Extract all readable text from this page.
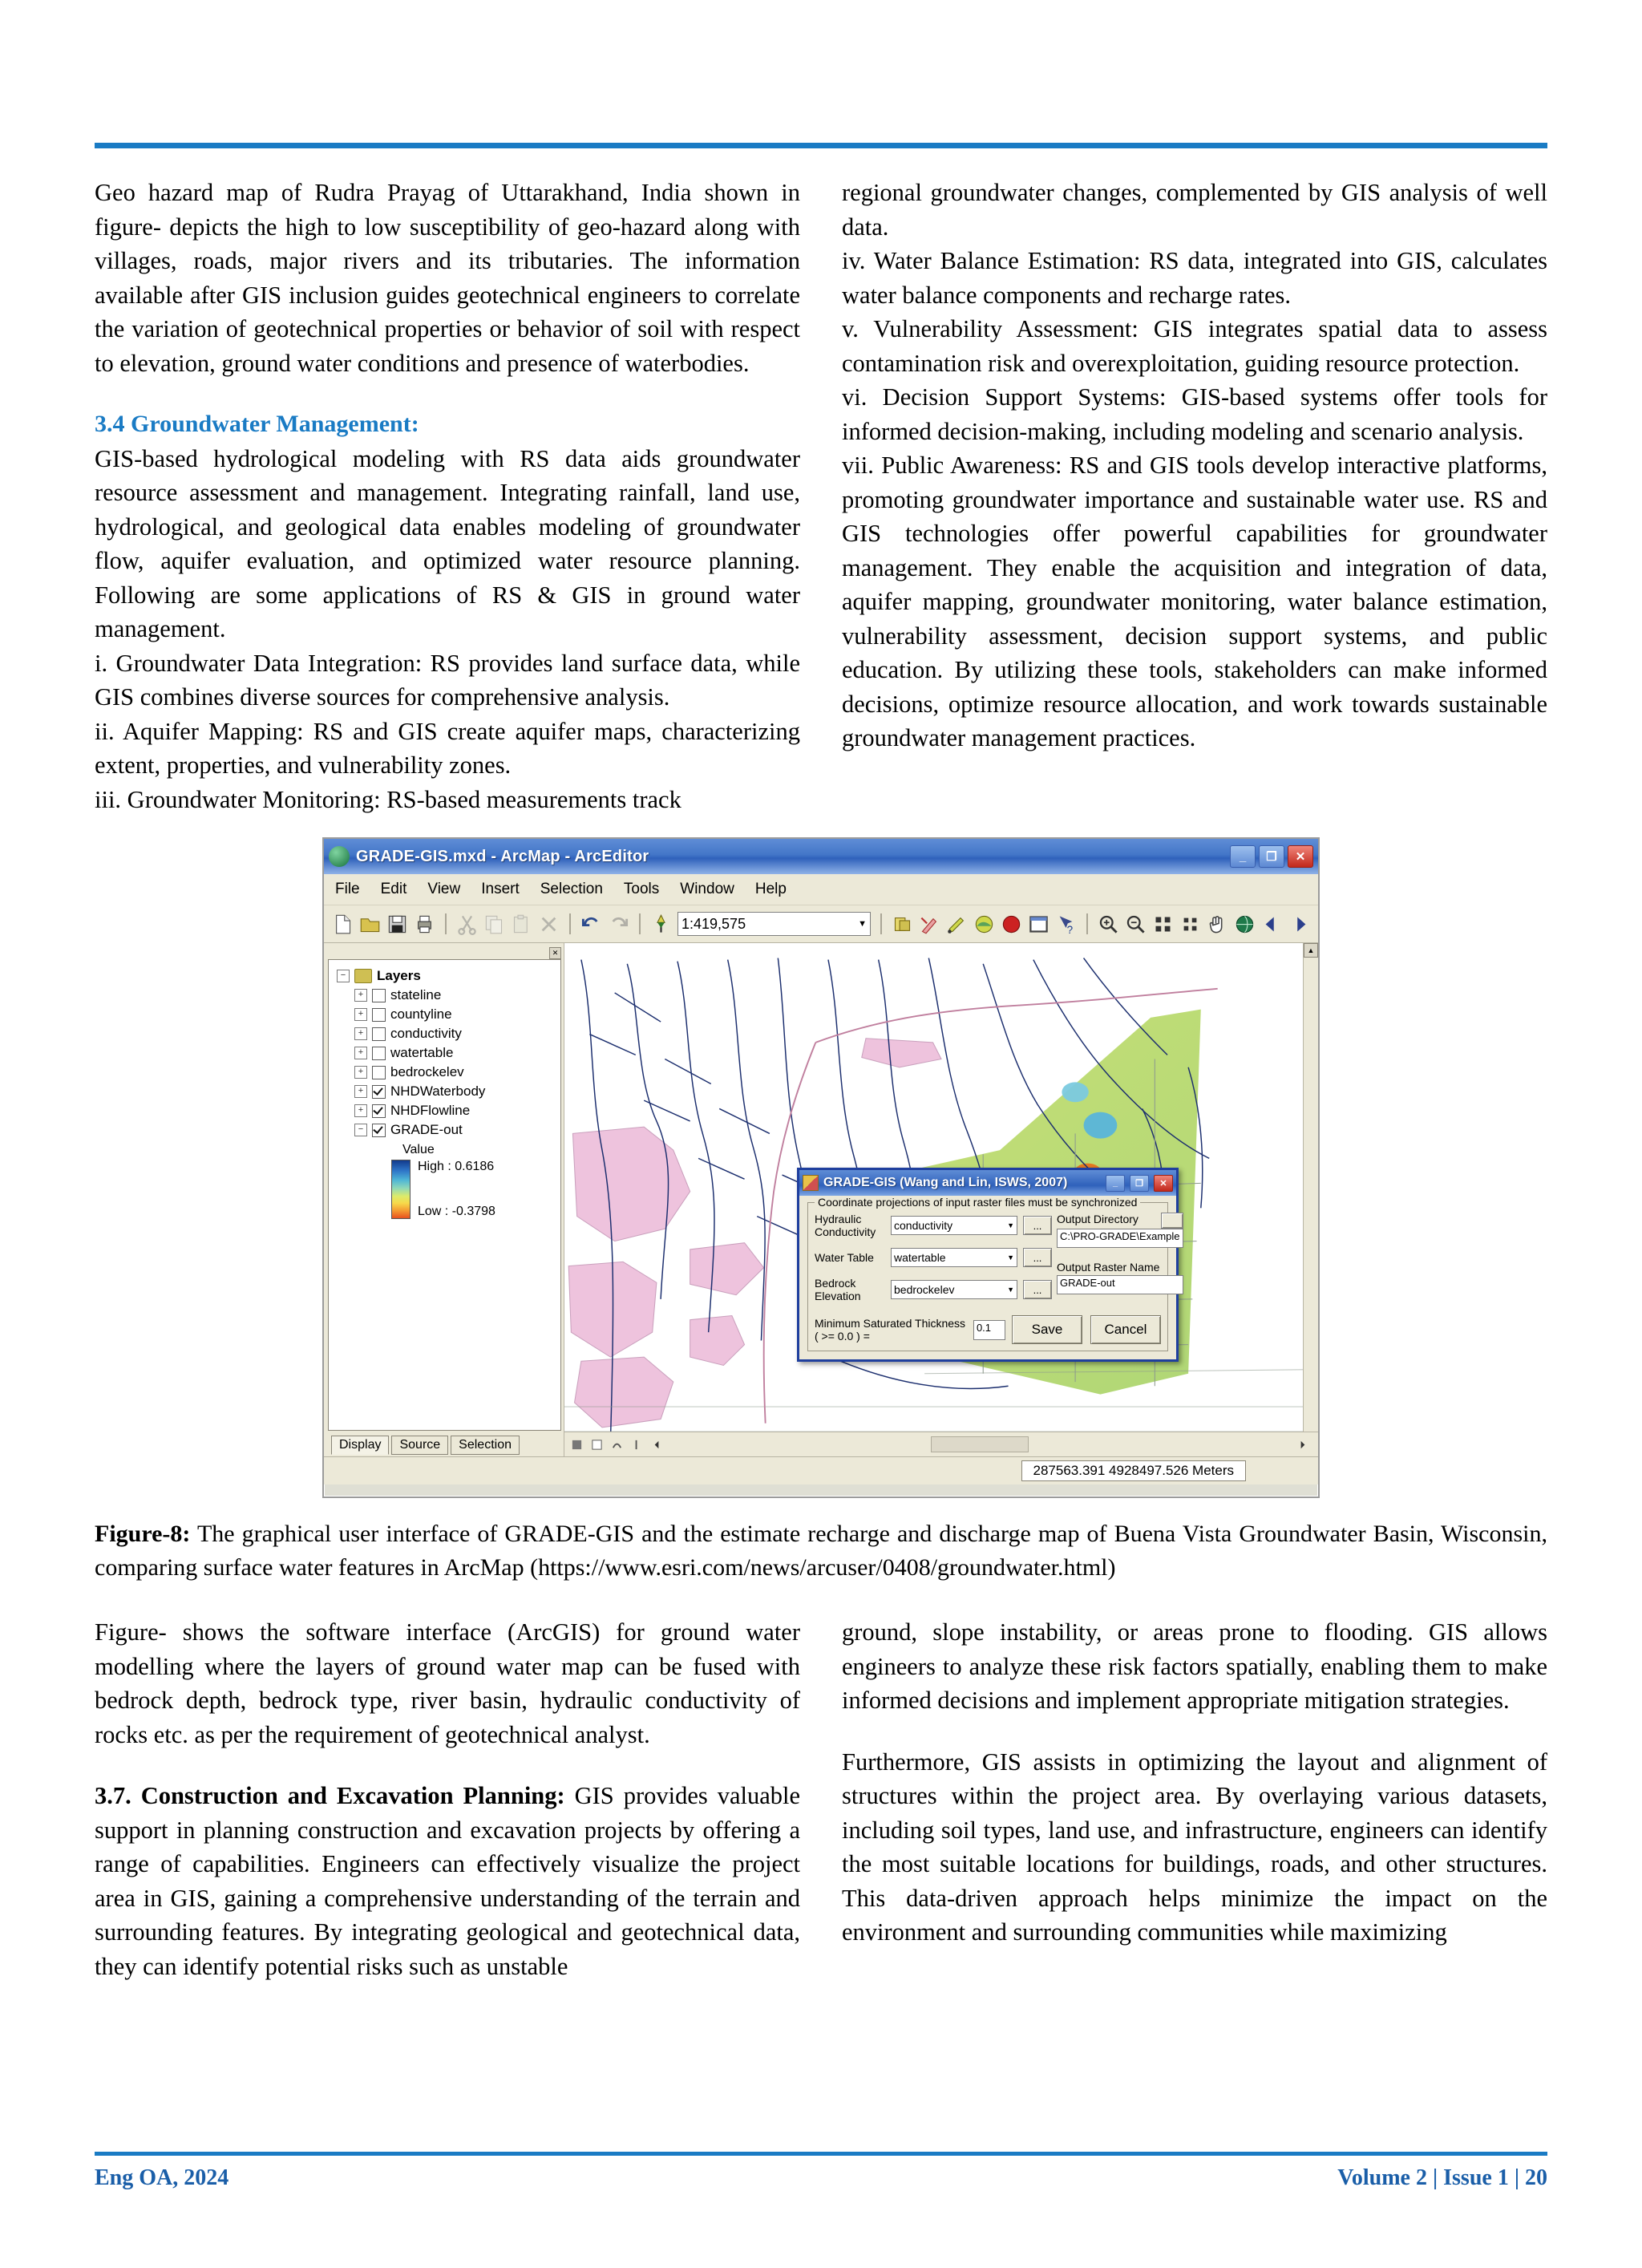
Geo hazard map of Rudra Prayag of Uttarakhand, India shown in figure- depicts the high to low susceptibility of geo-hazard along with villages, roads, major rivers and its tributaries. The information available after GIS inclusion guides geotechnical engineers to correlate the variation of geotechnical properties or behavior of soil with respect to elevation, ground water conditions and presence of waterbodies.

3.4 Groundwater Management:

GIS-based hydrological modeling with RS data aids groundwater resource assessment and management. Integrating rainfall, land use, hydrological, and geological data enables modeling of groundwater flow, aquifer evaluation, and optimized water resource planning. Following are some applications of RS & GIS in ground water management.

i. Groundwater Data Integration: RS provides land surface data, while GIS combines diverse sources for comprehensive analysis.

ii. Aquifer Mapping: RS and GIS create aquifer maps, characterizing extent, properties, and vulnerability zones.

iii. Groundwater Monitoring: RS-based measurements track

regional groundwater changes, complemented by GIS analysis of well data.

iv. Water Balance Estimation: RS data, integrated into GIS, calculates water balance components and recharge rates.

v. Vulnerability Assessment: GIS integrates spatial data to assess contamination risk and overexploitation, guiding resource protection.

vi. Decision Support Systems: GIS-based systems offer tools for informed decision-making, including modeling and scenario analysis.

vii. Public Awareness: RS and GIS tools develop interactive platforms, promoting groundwater importance and sustainable water use. RS and GIS technologies offer powerful capabilities for groundwater management. They enable the acquisition and integration of data, aquifer mapping, groundwater monitoring, water balance estimation, vulnerability assessment, decision support systems, and public education. By utilizing these tools, stakeholders can make informed decisions, optimize resource allocation, and work towards sustainable groundwater management practices.

GRADE-GIS.mxd - ArcMap - ArcEditor	_	❐	✕
File Edit View Insert Selection Tools Window Help
1:419,575	▼	?
✕
− Layers
+ stateline
+ countyline
+ conductivity
+ watertable
+ bedrockelev
+ NHDWaterbody
+ NHDFlowline
− GRADE-out
Value
High : 0.6186
Low : -0.3798
Display	Source	Selection
GRADE-GIS (Wang and Lin, ISWS, 2007)	_	❐	✕
Coordinate projections of input raster files must be synchronized
Hydraulic
Conductivity	conductivity	▼	...
Water Table	watertable	▼	...
Bedrock
Elevation	bedrockelev	▼	...
Output Directory
C:\PRO-GRADE\Example
Output Raster Name
GRADE-out
Minimum Saturated Thickness ( >= 0.0 ) =
0.1	Save	Cancel
▲
287563.391 4928497.526 Meters
Figure-8: The graphical user interface of GRADE-GIS and the estimate recharge and discharge map of Buena Vista Groundwater Basin, Wisconsin, comparing surface water features in ArcMap (https://www.esri.com/news/arcuser/0408/groundwater.html)

Figure- shows the software interface (ArcGIS) for ground water modelling where the layers of ground water map can be fused with bedrock depth, bedrock type, river basin, hydraulic conductivity of rocks etc. as per the requirement of geotechnical analyst.

3.7. Construction and Excavation Planning: GIS provides valuable support in planning construction and excavation projects by offering a range of capabilities. Engineers can effectively visualize the project area in GIS, gaining a comprehensive understanding of the terrain and surrounding features. By integrating geological and geotechnical data, they can identify potential risks such as unstable

ground, slope instability, or areas prone to flooding. GIS allows engineers to analyze these risk factors spatially, enabling them to make informed decisions and implement appropriate mitigation strategies.

Furthermore, GIS assists in optimizing the layout and alignment of structures within the project area. By overlaying various datasets, including soil types, land use, and infrastructure, engineers can identify the most suitable locations for buildings, roads, and other structures. This data-driven approach helps minimize the impact on the environment and surrounding communities while maximizing

Eng OA, 2024	Volume 2 | Issue 1 | 20
